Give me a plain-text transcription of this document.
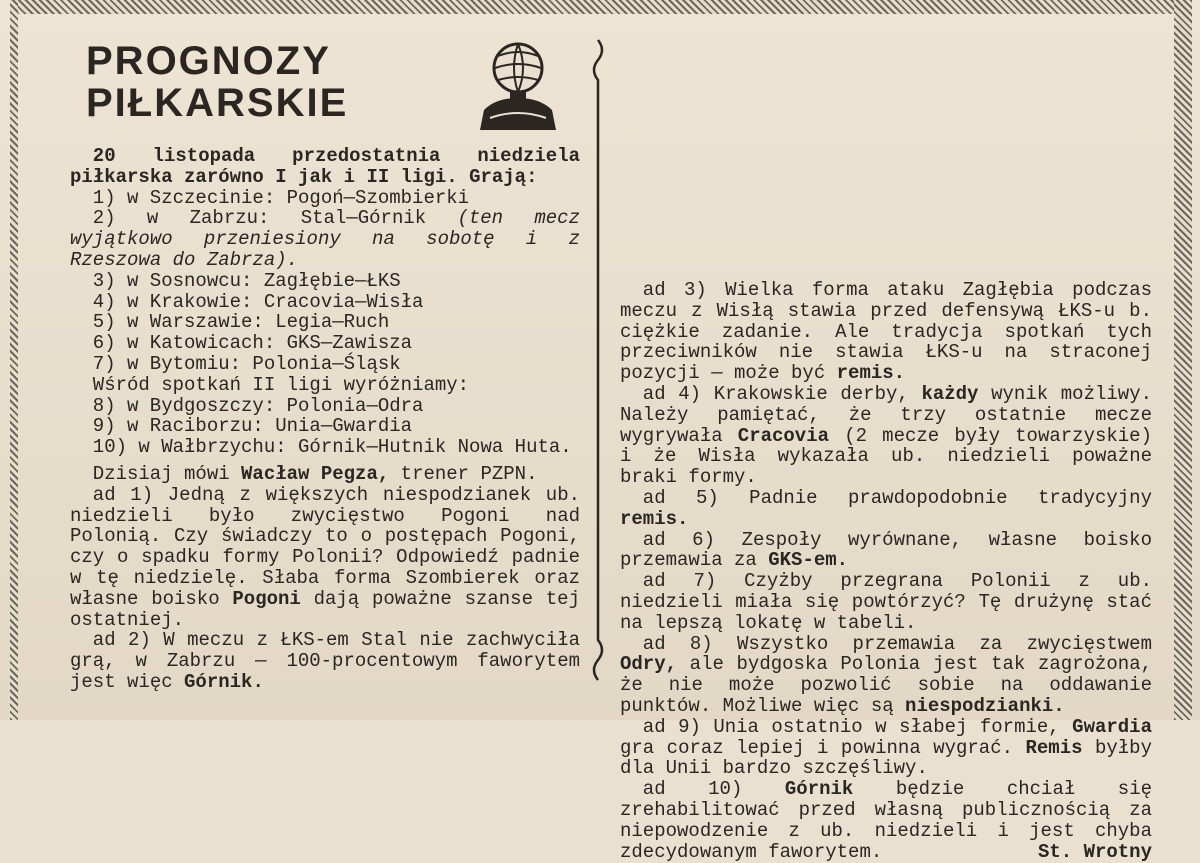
PROGNOZY
PIŁKARSKIE

20 listopada przedostatnia niedziela piłkarska zarówno I jak i II ligi. Grają:

1) w Szczecinie: Pogoń—Szombierki
2) w Zabrzu: Stal—Górnik (ten mecz wyjątkowo przeniesiony na sobotę i z Rzeszowa do Zabrza).
3) w Sosnowcu: Zagłębie—ŁKS
4) w Krakowie: Cracovia—Wisła
5) w Warszawie: Legia—Ruch
6) w Katowicach: GKS—Zawisza
7) w Bytomiu: Polonia—Śląsk

Wśród spotkań II ligi wyróżniamy:

8) w Bydgoszczy: Polonia—Odra
9) w Raciborzu: Unia—Gwardia
10) w Wałbrzychu: Górnik—Hutnik Nowa Huta.

Dzisiaj mówi Wacław Pegza, trener PZPN.

ad 1) Jedną z większych niespodzianek ub. niedzieli było zwycięstwo Pogoni nad Polonią. Czy świadczy to o postępach Pogoni, czy o spadku formy Polonii? Odpowiedź padnie w tę niedzielę. Słaba forma Szombierek oraz własne boisko Pogoni dają poważne szanse tej ostatniej.

ad 2) W meczu z ŁKS-em Stal nie zachwyciła grą, w Zabrzu — 100-procentowym faworytem jest więc Górnik.

ad 3) Wielka forma ataku Zagłębia podczas meczu z Wisłą stawia przed defensywą ŁKS-u b. ciężkie zadanie. Ale tradycja spotkań tych przeciwników nie stawia ŁKS-u na straconej pozycji — może być remis.

ad 4) Krakowskie derby, każdy wynik możliwy. Należy pamiętać, że trzy ostatnie mecze wygrywała Cracovia (2 mecze były towarzyskie) i że Wisła wykazała ub. niedzieli poważne braki formy.

ad 5) Padnie prawdopodobnie tradycyjny remis.

ad 6) Zespoły wyrównane, własne boisko przemawia za GKS-em.

ad 7) Czyżby przegrana Polonii z ub. niedzieli miała się powtórzyć? Tę drużynę stać na lepszą lokatę w tabeli.

ad 8) Wszystko przemawia za zwycięstwem Odry, ale bydgoska Polonia jest tak zagrożona, że nie może pozwolić sobie na oddawanie punktów. Możliwe więc są niespodzianki.

ad 9) Unia ostatnio w słabej formie, Gwardia gra coraz lepiej i powinna wygrać. Remis byłby dla Unii bardzo szczęśliwy.

ad 10) Górnik będzie chciał się zrehabilitować przed własną publicznością za niepowodzenie z ub. niedzieli i jest chyba zdecydowanym faworytem.	St. Wrotny
